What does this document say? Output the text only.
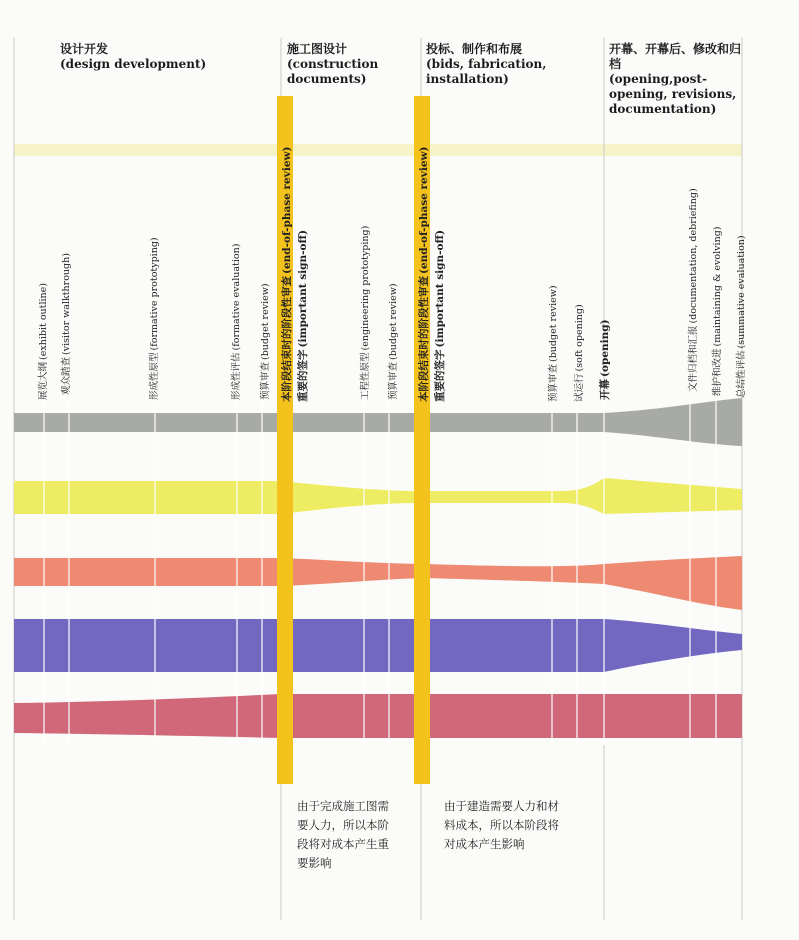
设计开发
(design development)
施工图设计
(construction documents)
投标、制作和布展
(bids, fabrication, installation)
开幕、开幕后、修改和归档
(opening,post-opening, revisions, documentation)
展览大纲(exhibit outline)
观众踏查(visitor walkthrough)
形成性原型(formative prototyping)
形成性评估(formative evaluation)
预算审查(budget review) 本阶段结束时的阶段性审查(end-of-phase review)
重要的签字(important sign-off)
工程性原型(engineering prototyping)
预算审查(budget review) 本阶段结束时的阶段性审查(end-of-phase review)
重要的签字(important sign-off)
预算审查(budget review)
试运行(soft opening)
开幕(opening)	文件归档和汇报(documentation, debriefing)
维护和改进(maintaining & evolving)
总结性评估(summative evaluation)
由于完成施工图需
要人力，所以本阶
段将对成本产生重
要影响
由于建造需要人力和材
料成本，所以本阶段将
对成本产生影响
